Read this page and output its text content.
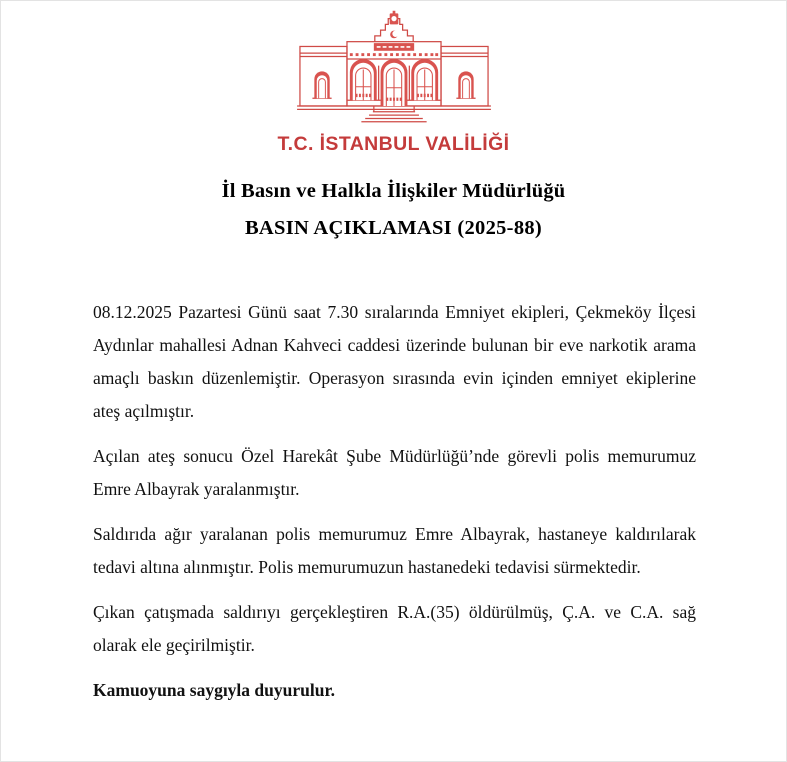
T.C. İSTANBUL VALİLİĞİ
İl Basın ve Halkla İlişkiler Müdürlüğü
BASIN AÇIKLAMASI (2025-88)

08.12.2025 Pazartesi Günü saat 7.30 sıralarında Emniyet ekipleri, Çekmeköy İlçesi Aydınlar mahallesi Adnan Kahveci caddesi üzerinde bulunan bir eve narkotik arama amaçlı baskın düzenlemiştir. Operasyon sırasında evin içinden emniyet ekiplerine ateş açılmıştır.

Açılan ateş sonucu Özel Harekât Şube Müdürlüğü’nde görevli polis memurumuz Emre Albayrak yaralanmıştır.

Saldırıda ağır yaralanan polis memurumuz Emre Albayrak, hastaneye kaldırılarak tedavi altına alınmıştır. Polis memurumuzun hastanedeki tedavisi sürmektedir.

Çıkan çatışmada saldırıyı gerçekleştiren R.A.(35) öldürülmüş, Ç.A. ve C.A. sağ olarak ele geçirilmiştir.

Kamuoyuna saygıyla duyurulur.
